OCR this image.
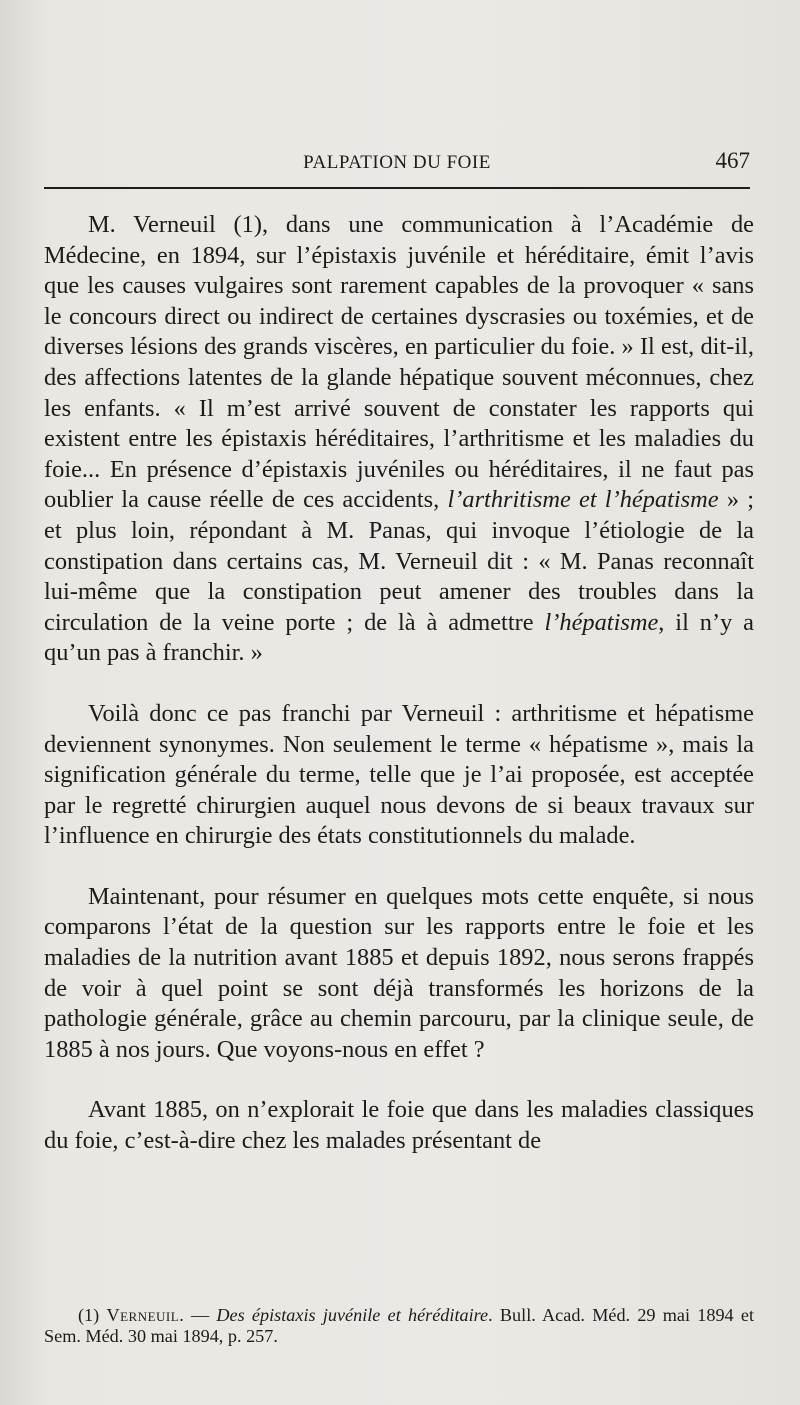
PALPATION DU FOIE	467

M. Verneuil (1), dans une communication à l’Académie de Médecine, en 1894, sur l’épistaxis juvénile et héréditaire, émit l’avis que les causes vulgaires sont rarement capables de la provoquer « sans le concours direct ou indirect de certaines dyscrasies ou toxémies, et de diverses lésions des grands viscères, en particulier du foie. » Il est, dit-il, des affections latentes de la glande hépatique souvent méconnues, chez les enfants. « Il m’est arrivé souvent de constater les rapports qui existent entre les épistaxis héréditaires, l’arthritisme et les maladies du foie... En présence d’épistaxis juvéniles ou héréditaires, il ne faut pas oublier la cause réelle de ces accidents, l’arthritisme et l’hépatisme » ; et plus loin, répondant à M. Panas, qui invoque l’étiologie de la constipation dans certains cas, M. Verneuil dit : « M. Panas reconnaît lui-même que la constipation peut amener des troubles dans la circulation de la veine porte ; de là à admettre l’hépatisme, il n’y a qu’un pas à franchir. »

Voilà donc ce pas franchi par Verneuil : arthritisme et hépatisme deviennent synonymes. Non seulement le terme « hépatisme », mais la signification générale du terme, telle que je l’ai proposée, est acceptée par le regretté chirurgien auquel nous devons de si beaux travaux sur l’influence en chirurgie des états constitutionnels du malade.

Maintenant, pour résumer en quelques mots cette enquête, si nous comparons l’état de la question sur les rapports entre le foie et les maladies de la nutrition avant 1885 et depuis 1892, nous serons frappés de voir à quel point se sont déjà transformés les horizons de la pathologie générale, grâce au chemin parcouru, par la clinique seule, de 1885 à nos jours. Que voyons-nous en effet ?

Avant 1885, on n’explorait le foie que dans les maladies classiques du foie, c’est-à-dire chez les malades présentant de

(1) Verneuil. — Des épistaxis juvénile et héréditaire. Bull. Acad. Méd. 29 mai 1894 et Sem. Méd. 30 mai 1894, p. 257.
